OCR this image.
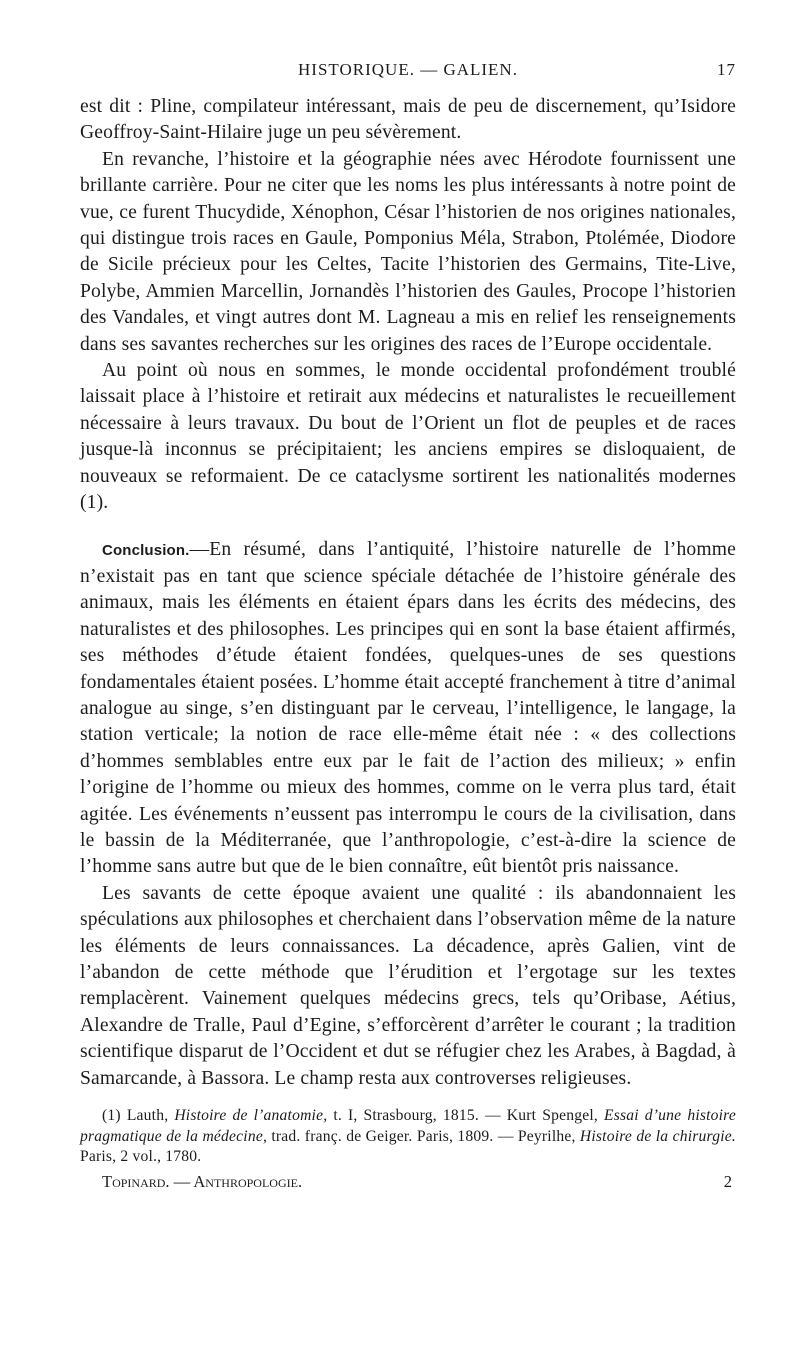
HISTORIQUE. — GALIEN.	17

est dit : Pline, compilateur intéressant, mais de peu de discernement, qu’Isidore Geoffroy-Saint-Hilaire juge un peu sévèrement.

En revanche, l’histoire et la géographie nées avec Hérodote fournissent une brillante carrière. Pour ne citer que les noms les plus intéressants à notre point de vue, ce furent Thucydide, Xénophon, César l’historien de nos origines nationales, qui distingue trois races en Gaule, Pomponius Méla, Strabon, Ptolémée, Diodore de Sicile précieux pour les Celtes, Tacite l’historien des Germains, Tite-Live, Polybe, Ammien Marcellin, Jornandès l’historien des Gaules, Procope l’historien des Vandales, et vingt autres dont M. Lagneau a mis en relief les renseignements dans ses savantes recherches sur les origines des races de l’Europe occidentale.

Au point où nous en sommes, le monde occidental profondément troublé laissait place à l’histoire et retirait aux médecins et naturalistes le recueillement nécessaire à leurs travaux. Du bout de l’Orient un flot de peuples et de races jusque-là inconnus se précipitaient; les anciens empires se disloquaient, de nouveaux se reformaient. De ce cataclysme sortirent les nationalités modernes (1).

Conclusion.—En résumé, dans l’antiquité, l’histoire naturelle de l’homme n’existait pas en tant que science spéciale détachée de l’histoire générale des animaux, mais les éléments en étaient épars dans les écrits des médecins, des naturalistes et des philosophes. Les principes qui en sont la base étaient affirmés, ses méthodes d’étude étaient fondées, quelques-unes de ses questions fondamentales étaient posées. L’homme était accepté franchement à titre d’animal analogue au singe, s’en distinguant par le cerveau, l’intelligence, le langage, la station verticale; la notion de race elle-même était née : « des collections d’hommes semblables entre eux par le fait de l’action des milieux; » enfin l’origine de l’homme ou mieux des hommes, comme on le verra plus tard, était agitée. Les événements n’eussent pas interrompu le cours de la civilisation, dans le bassin de la Méditerranée, que l’anthropologie, c’est-à-dire la science de l’homme sans autre but que de le bien connaître, eût bientôt pris naissance.

Les savants de cette époque avaient une qualité : ils abandonnaient les spéculations aux philosophes et cherchaient dans l’observation même de la nature les éléments de leurs connaissances. La décadence, après Galien, vint de l’abandon de cette méthode que l’érudition et l’ergotage sur les textes remplacèrent. Vainement quelques médecins grecs, tels qu’Oribase, Aétius, Alexandre de Tralle, Paul d’Egine, s’efforcèrent d’arrêter le courant ; la tradition scientifique disparut de l’Occident et dut se réfugier chez les Arabes, à Bagdad, à Samarcande, à Bassora. Le champ resta aux controverses religieuses.

(1) Lauth, Histoire de l’anatomie, t. I, Strasbourg, 1815. — Kurt Spengel, Essai d’une histoire pragmatique de la médecine, trad. franç. de Geiger. Paris, 1809. — Peyrilhe, Histoire de la chirurgie. Paris, 2 vol., 1780.

Topinard. — Anthropologie.	2
